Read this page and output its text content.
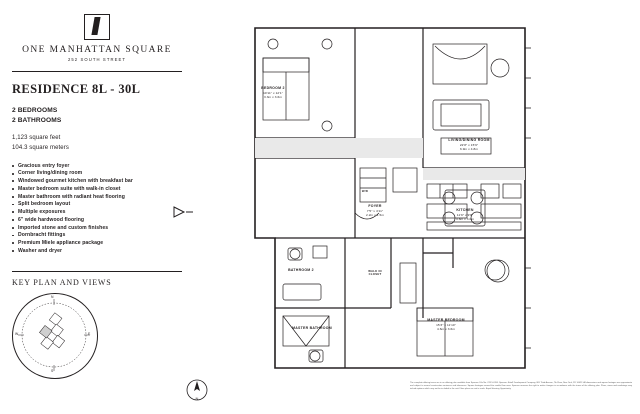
ONE MANHATTAN SQUARE
252 SOUTH STREET
RESIDENCE 8L - 30L
2 BEDROOMS
2 BATHROOMS
1,123 square feet
104.3 square meters
Gracious entry foyer
Corner living/dining room
Windowed gourmet kitchen with breakfast bar
Master bedroom suite with walk-in closet
Master bathroom with radiant heat flooring
Split bedroom layout
Multiple exposures
6" wide hardwood flooring
Imported stone and custom finishes
Dornbracht fittings
Premium Miele appliance package
Washer and dryer
KEY PLAN AND VIEWS
N
S
E
W
BEDROOM 2
10'11" x 12'1"
3.3m x 3.6m
LIVING/DINING ROOM
22'8" x 15'9"
6.9m x 4.8m
KITCHEN
11'9" x 9'8"
3.6m x 3.0m
MASTER BEDROOM
15'3" x 11'10"
4.6m x 3.6m
FOYER
7'5" x 4'11"
2.2m x 1.5m
MASTER BATHROOM
BATHROOM 2
W/D
WALK IN CLOSET
N
The complete offering terms are in an offering plan available from Sponsor. File No. CD15-0196. Sponsor: Extell Development Company, 805 Third Avenue, 7th Floor, New York, NY 10022. All dimensions and square footages are approximate and subject to normal construction variances and tolerances. Square footages exceed the usable floor area. Sponsor reserves the right to make changes in accordance with the terms of the offering plan. Plans, views and renderings may include options which may not be included in the unit. Floor plans are not to scale. Equal Housing Opportunity.
